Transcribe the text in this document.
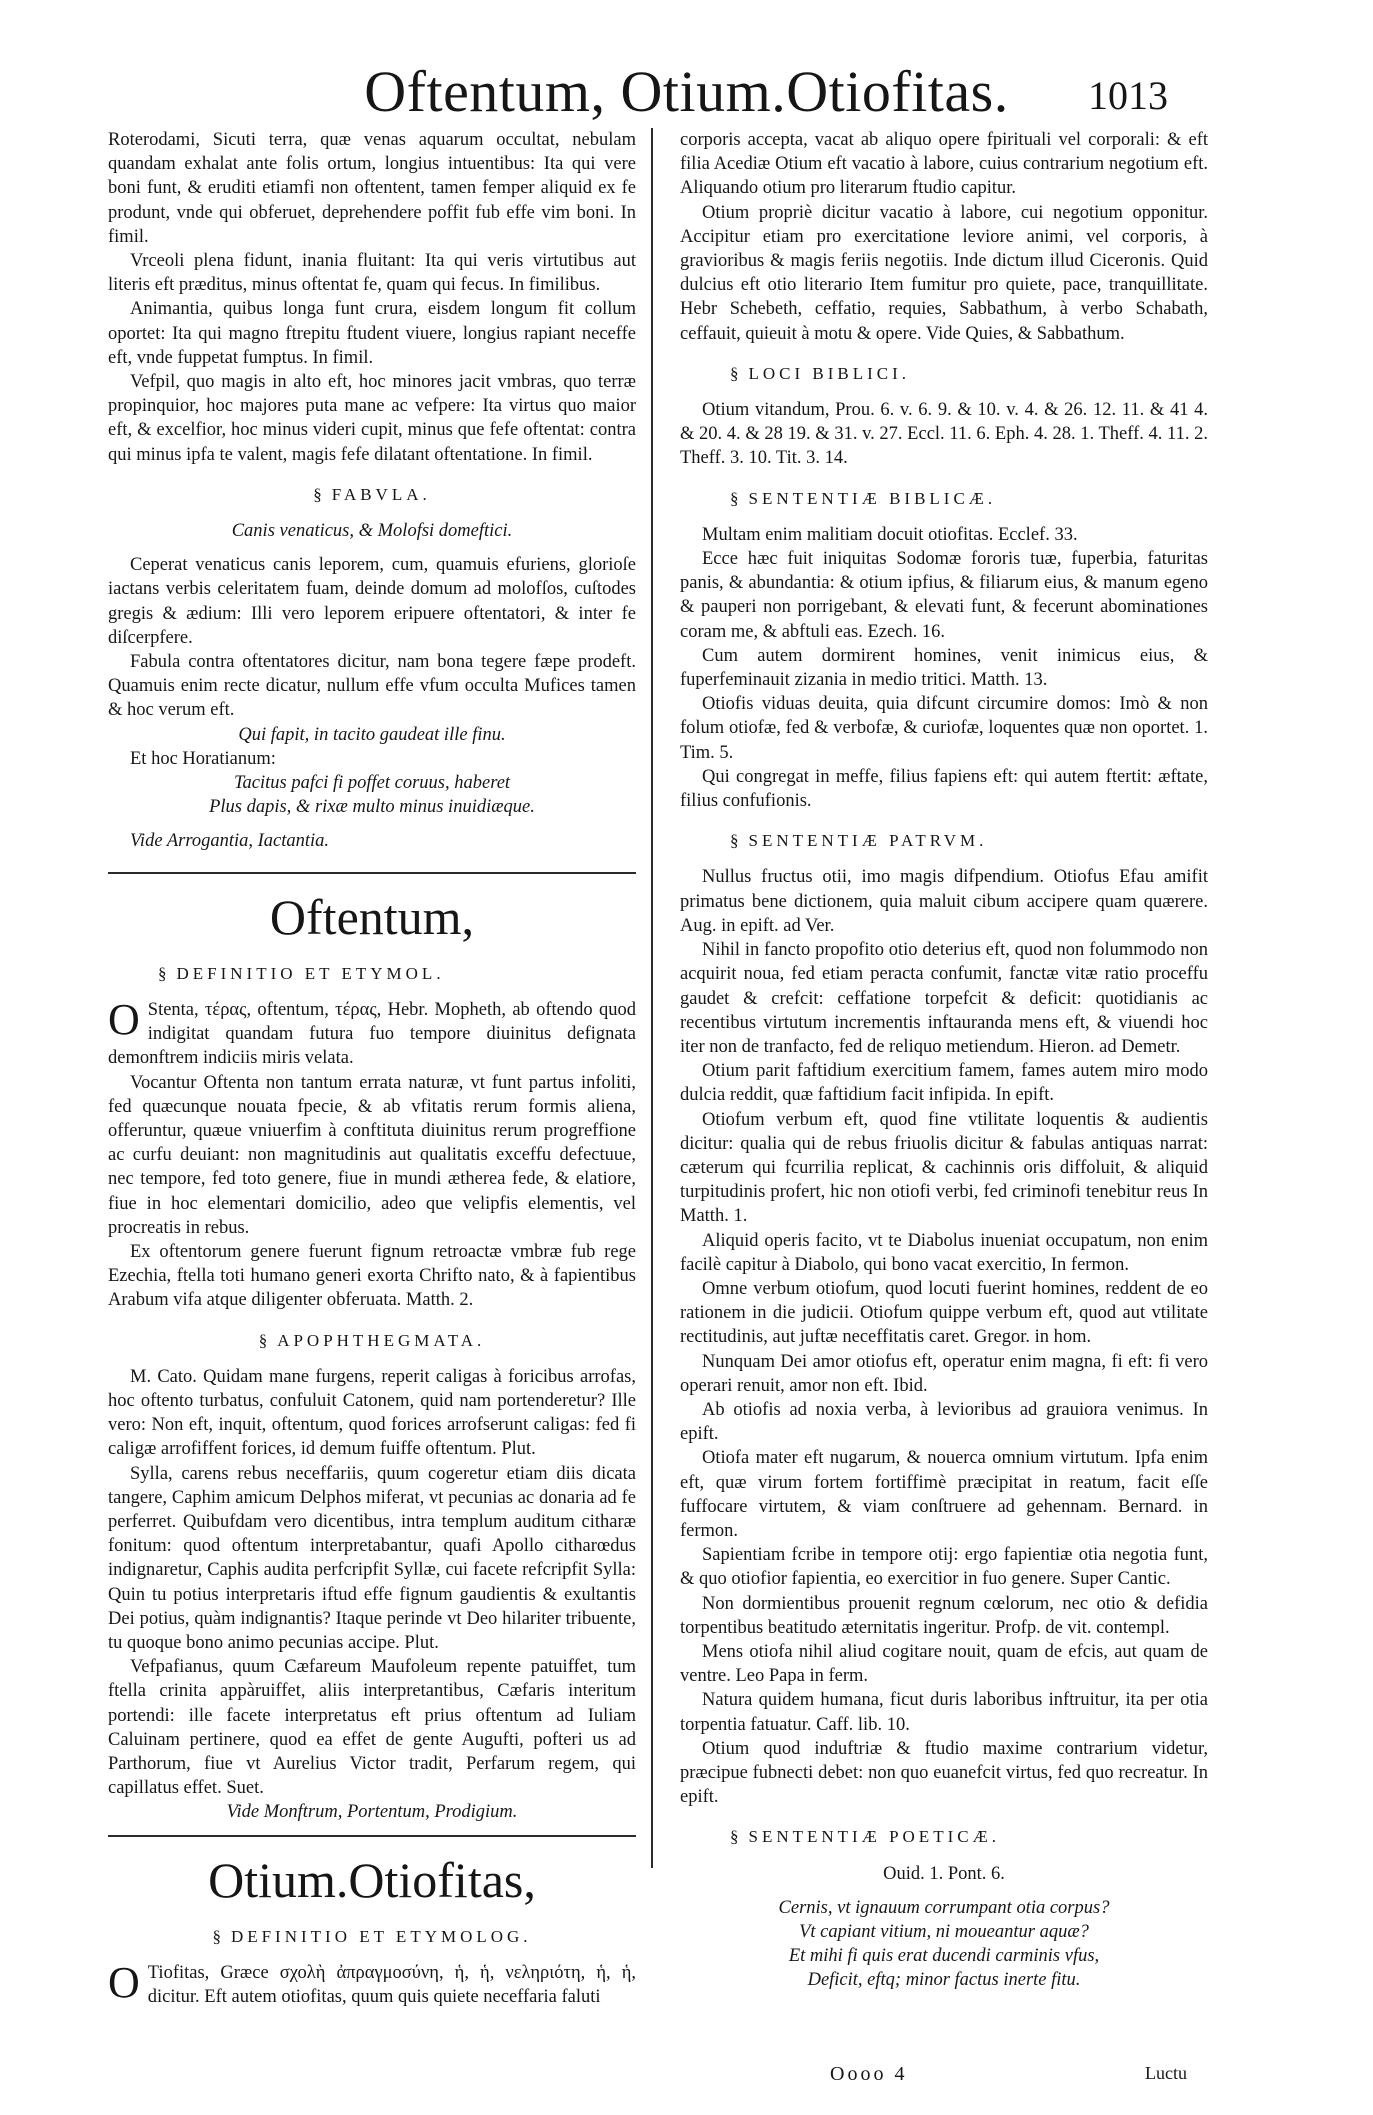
Oftentum, Otium.Otiofitas.	1013

Roterodami, Sicuti terra, quæ venas aquarum occultat, nebulam quandam exhalat ante folis ortum, longius intuentibus: Ita qui vere boni funt, & eruditi etiamfi non oftentent, tamen femper aliquid ex fe produnt, vnde qui obferuet, deprehendere poffit fub effe vim boni. In fimil.

Vrceoli plena fidunt, inania fluitant: Ita qui veris virtutibus aut literis eft præditus, minus oftentat fe, quam qui fecus. In fimilibus.

Animantia, quibus longa funt crura, eisdem longum fit collum oportet: Ita qui magno ftrepitu ftudent viuere, longius rapiant neceffe eft, vnde fuppetat fumptus. In fimil.

Vefpil, quo magis in alto eft, hoc minores jacit vmbras, quo terræ propinquior, hoc majores puta mane ac vefpere: Ita virtus quo maior eft, & excelfior, hoc minus videri cupit, minus que fefe oftentat: contra qui minus ipfa te valent, magis fefe dilatant oftentatione. In fimil.

§ FABVLA.
Canis venaticus, & Molofsi domeftici.

Ceperat venaticus canis leporem, cum, quamuis efuriens, glorioſe iactans verbis celeritatem fuam, deinde domum ad molofſos, cuſtodes gregis & ædium: Illi vero leporem eripuere oftentatori, & inter fe diſcerpfere.

Fabula contra oftentatores dicitur, nam bona tegere fæpe prodeft. Quamuis enim recte dicatur, nullum effe vfum occulta Mufices tamen & hoc verum eft.

Qui fapit, in tacito gaudeat ille finu.

Et hoc Horatianum:

Tacitus pafci fi poffet coruus, haberet

Plus dapis, & rixæ multo minus inuidiæque.

Vide Arrogantia, Iactantia.

Oftentum,
§ DEFINITIO ET ETYMOL.

O Stenta, τέρας, oftentum, τέρας, Hebr. Mopheth, ab oftendo quod indigitat quandam futura fuo tempore diuinitus defignata demonftrem indiciis miris velata.

Vocantur Oftenta non tantum errata naturæ, vt funt partus infoliti, fed quæcunque nouata fpecie, & ab vfitatis rerum formis aliena, offeruntur, quæue vniuerfim à conftituta diuinitus rerum progreffione ac curfu deuiant: non magnitudinis aut qualitatis exceffu defectuue, nec tempore, fed toto genere, fiue in mundi ætherea fede, & elatiore, fiue in hoc elementari domicilio, adeo que velipfis elementis, vel procreatis in rebus.

Ex oftentorum genere fuerunt fignum retroactæ vmbræ fub rege Ezechia, ftella toti humano generi exorta Chrifto nato, & à fapientibus Arabum vifa atque diligenter obferuata. Matth. 2.

§ APOPHTHEGMATA.

M. Cato. Quidam mane furgens, reperit caligas à foricibus arrofas, hoc oftento turbatus, confuluit Catonem, quid nam portenderetur? Ille vero: Non eft, inquit, oftentum, quod forices arrofserunt caligas: fed fi caligæ arrofiffent forices, id demum fuiffe oftentum. Plut.

Sylla, carens rebus neceffariis, quum cogeretur etiam diis dicata tangere, Caphim amicum Delphos miferat, vt pecunias ac donaria ad fe perferret. Quibufdam vero dicentibus, intra templum auditum citharæ fonitum: quod oftentum interpretabantur, quafi Apollo citharœdus indignaretur, Caphis audita perfcripfit Syllæ, cui facete refcripfit Sylla: Quin tu potius interpretaris iftud effe fignum gaudientis & exultantis Dei potius, quàm indignantis? Itaque perinde vt Deo hilariter tribuente, tu quoque bono animo pecunias accipe. Plut.

Vefpafianus, quum Cæfareum Maufoleum repente patuiffet, tum ftella crinita appàruiffet, aliis interpretantibus, Cæfaris interitum portendi: ille facete interpretatus eft prius oftentum ad Iuliam Caluinam pertinere, quod ea effet de gente Augufti, pofteri us ad Parthorum, fiue vt Aurelius Victor tradit, Perfarum regem, qui capillatus effet. Suet.

Vide Monftrum, Portentum, Prodigium.

Otium.Otiofitas,
§ DEFINITIO ET ETYMOLOG.

O Tiofitas, Græce σχολὴ ἀπραγμοσύνη, ἡ, ἡ, νεληριότη, ἡ, ἡ, dicitur. Eft autem otiofitas, quum quis quiete neceffaria faluti

corporis accepta, vacat ab aliquo opere fpirituali vel corporali: & eft filia Acediæ Otium eft vacatio à labore, cuius contrarium negotium eft. Aliquando otium pro literarum ftudio capitur.

Otium propriè dicitur vacatio à labore, cui negotium opponitur. Accipitur etiam pro exercitatione leviore animi, vel corporis, à gravioribus & magis feriis negotiis. Inde dictum illud Ciceronis. Quid dulcius eft otio literario Item fumitur pro quiete, pace, tranquillitate. Hebr Schebeth, ceffatio, requies, Sabbathum, à verbo Schabath, ceffauit, quieuit à motu & opere. Vide Quies, & Sabbathum.

§ LOCI BIBLICI.

Otium vitandum, Prou. 6. v. 6. 9. & 10. v. 4. & 26. 12. 11. & 41 4. & 20. 4. & 28 19. & 31. v. 27. Eccl. 11. 6. Eph. 4. 28. 1. Theff. 4. 11. 2. Theff. 3. 10. Tit. 3. 14.

§ SENTENTIÆ BIBLICÆ.

Multam enim malitiam docuit otiofitas. Ecclef. 33.

Ecce hæc fuit iniquitas Sodomæ fororis tuæ, fuperbia, faturitas panis, & abundantia: & otium ipfius, & filiarum eius, & manum egeno & pauperi non porrigebant, & elevati funt, & fecerunt abominationes coram me, & abftuli eas. Ezech. 16.

Cum autem dormirent homines, venit inimicus eius, & fuperfeminauit zizania in medio tritici. Matth. 13.

Otiofis viduas deuita, quia difcunt circumire domos: Imò & non folum otiofæ, fed & verbofæ, & curiofæ, loquentes quæ non oportet. 1. Tim. 5.

Qui congregat in meffe, filius fapiens eft: qui autem ftertit: æftate, filius confufionis.

§ SENTENTIÆ PATRVM.

Nullus fructus otii, imo magis difpendium. Otiofus Efau amifit primatus bene dictionem, quia maluit cibum accipere quam quærere. Aug. in epift. ad Ver.

Nihil in fancto propofito otio deterius eft, quod non folummodo non acquirit noua, fed etiam peracta confumit, fanctæ vitæ ratio proceffu gaudet & crefcit: ceffatione torpefcit & deficit: quotidianis ac recentibus virtutum incrementis inftauranda mens eft, & viuendi hoc iter non de tranfacto, fed de reliquo metiendum. Hieron. ad Demetr.

Otium parit faftidium exercitium famem, fames autem miro modo dulcia reddit, quæ faftidium facit infipida. In epift.

Otiofum verbum eft, quod fine vtilitate loquentis & audientis dicitur: qualia qui de rebus friuolis dicitur & fabulas antiquas narrat: cæterum qui fcurrilia replicat, & cachinnis oris diffoluit, & aliquid turpitudinis profert, hic non otiofi verbi, fed criminofi tenebitur reus In Matth. 1.

Aliquid operis facito, vt te Diabolus inueniat occupatum, non enim facilè capitur à Diabolo, qui bono vacat exercitio, In fermon.

Omne verbum otiofum, quod locuti fuerint homines, reddent de eo rationem in die judicii. Otiofum quippe verbum eft, quod aut vtilitate rectitudinis, aut juftæ neceffitatis caret. Gregor. in hom.

Nunquam Dei amor otiofus eft, operatur enim magna, fi eft: fi vero operari renuit, amor non eft. Ibid.

Ab otiofis ad noxia verba, à levioribus ad grauiora venimus. In epift.

Otiofa mater eft nugarum, & nouerca omnium virtutum. Ipfa enim eft, quæ virum fortem fortiffimè præcipitat in reatum, facit eſſe fuffocare virtutem, & viam conſtruere ad gehennam. Bernard. in fermon.

Sapientiam fcribe in tempore otij: ergo fapientiæ otia negotia funt, & quo otiofior fapientia, eo exercitior in fuo genere. Super Cantic.

Non dormientibus prouenit regnum cœlorum, nec otio & defidia torpentibus beatitudo æternitatis ingeritur. Profp. de vit. contempl.

Mens otiofa nihil aliud cogitare nouit, quam de efcis, aut quam de ventre. Leo Papa in ferm.

Natura quidem humana, ficut duris laboribus inftruitur, ita per otia torpentia fatuatur. Caff. lib. 10.

Otium quod induftriæ & ftudio maxime contrarium videtur, præcipue fubnecti debet: non quo euanefcit virtus, fed quo recreatur. In epift.

§ SENTENTIÆ POETICÆ.

Ouid. 1. Pont. 6.

Cernis, vt ignauum corrumpant otia corpus?

Vt capiant vitium, ni moueantur aquæ?

Et mihi fi quis erat ducendi carminis vfus,

Deficit, eftq; minor factus inerte fitu.

Oooo 4	Luctu
